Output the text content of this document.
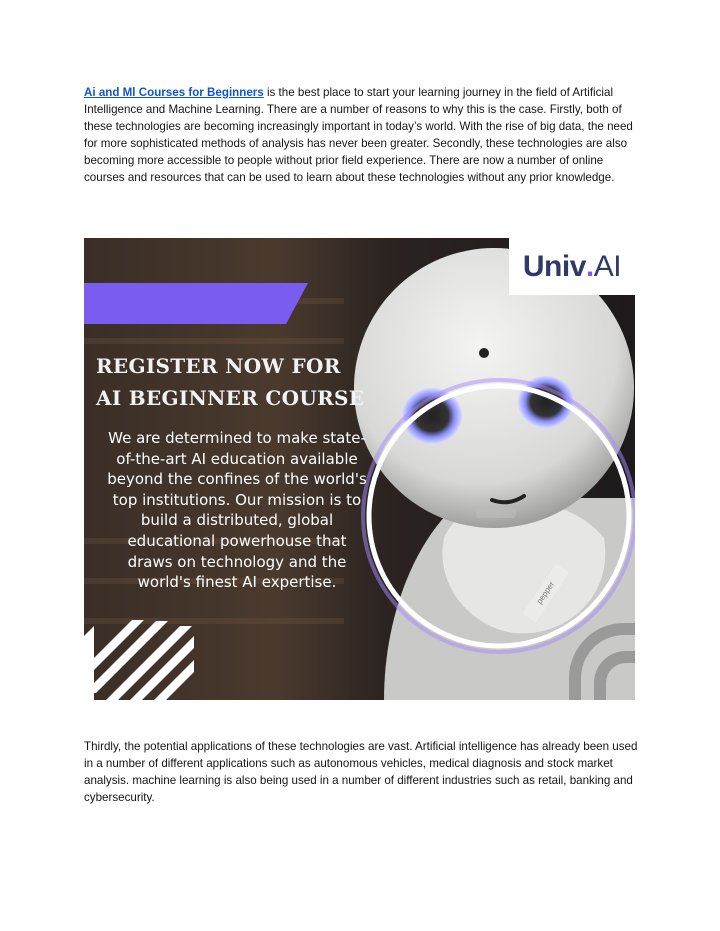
Ai and Ml Courses for Beginners is the best place to start your learning journey in the field of Artificial Intelligence and Machine Learning. There are a number of reasons to why this is the case. Firstly, both of these technologies are becoming increasingly important in today’s world. With the rise of big data, the need for more sophisticated methods of analysis has never been greater. Secondly, these technologies are also becoming more accessible to people without prior field experience. There are now a number of online courses and resources that can be used to learn about these technologies without any prior knowledge.
Univ . AI
REGISTER NOW FOR
AI BEGINNER COURSE
We are determined to make state-of-the-art AI education available beyond the confines of the world's top institutions. Our mission is to build a distributed, global educational powerhouse that draws on technology and the world's finest AI expertise.	pepper
Thirdly, the potential applications of these technologies are vast. Artificial intelligence has already been used in a number of different applications such as autonomous vehicles, medical diagnosis and stock market analysis. machine learning is also being used in a number of different industries such as retail, banking and cybersecurity.
